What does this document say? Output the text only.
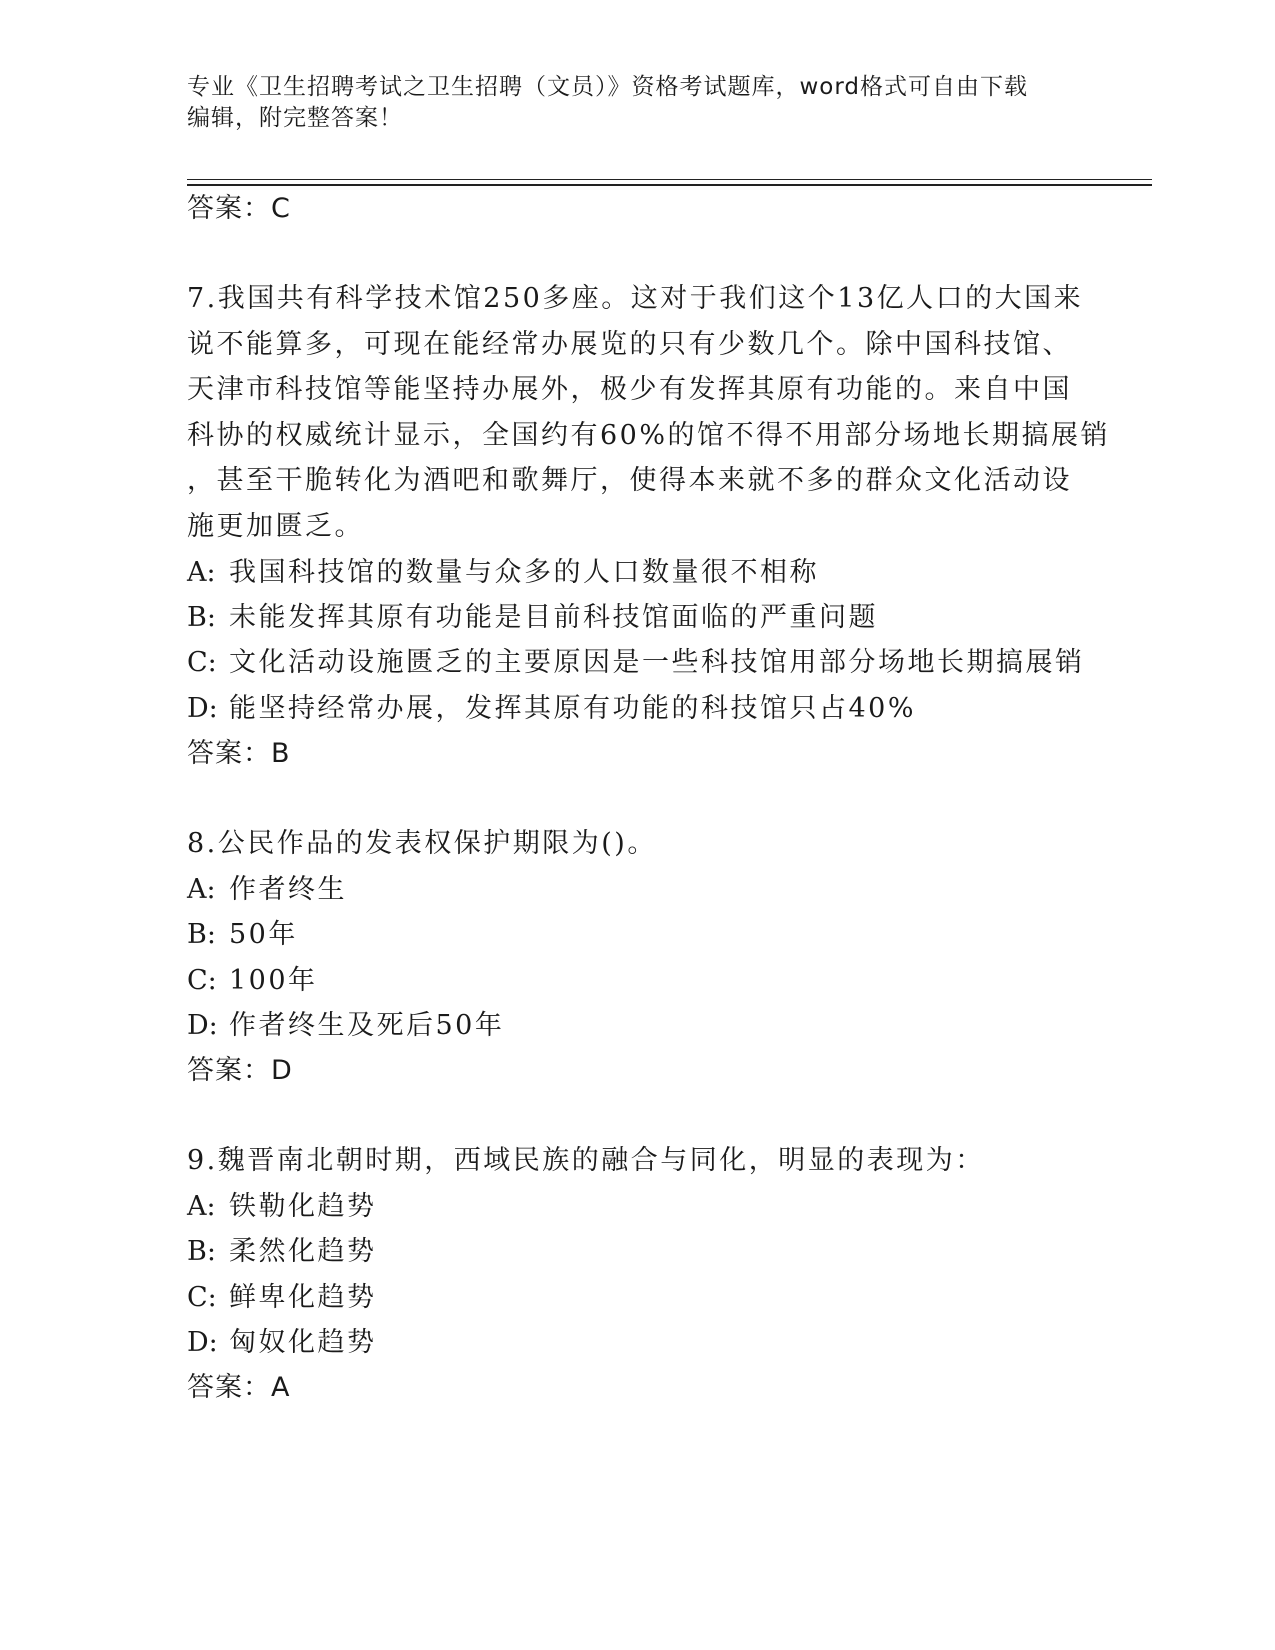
专业《卫生招聘考试之卫生招聘（文员）》资格考试题库，word格式可自由下载
编辑，附完整答案！
答案：C
7.我国共有科学技术馆250多座。这对于我们这个13亿人口的大国来
说不能算多，可现在能经常办展览的只有少数几个。除中国科技馆、
天津市科技馆等能坚持办展外，极少有发挥其原有功能的。来自中国
科协的权威统计显示，全国约有60%的馆不得不用部分场地长期搞展销
，甚至干脆转化为酒吧和歌舞厅，使得本来就不多的群众文化活动设
施更加匮乏。
A: 我国科技馆的数量与众多的人口数量很不相称
B: 未能发挥其原有功能是目前科技馆面临的严重问题
C: 文化活动设施匮乏的主要原因是一些科技馆用部分场地长期搞展销
D: 能坚持经常办展，发挥其原有功能的科技馆只占40%
答案：B
8.公民作品的发表权保护期限为()。
A: 作者终生
B: 50年
C: 100年
D: 作者终生及死后50年
答案：D
9.魏晋南北朝时期，西域民族的融合与同化，明显的表现为：
A: 铁勒化趋势
B: 柔然化趋势
C: 鲜卑化趋势
D: 匈奴化趋势
答案：A
